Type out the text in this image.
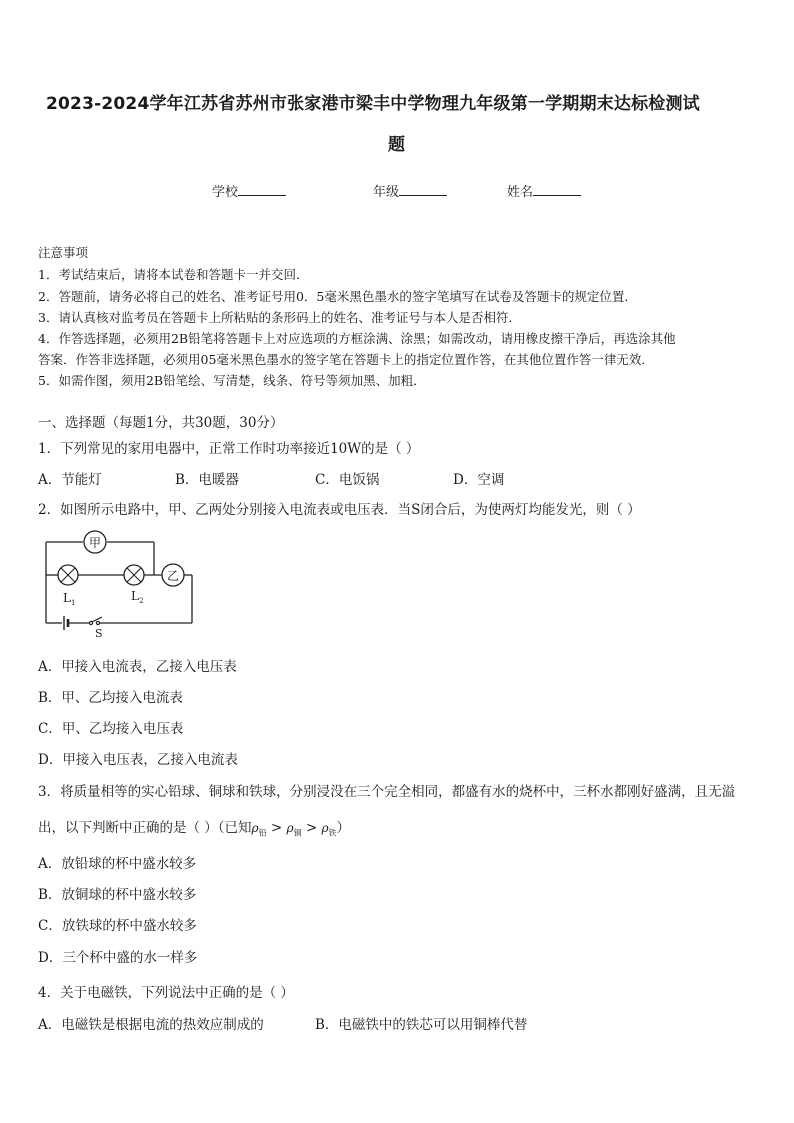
2023-2024学年江苏省苏州市张家港市梁丰中学物理九年级第一学期期末达标检测试
题
学校	年级	姓名
注意事项
1．考试结束后，请将本试卷和答题卡一并交回．
2．答题前，请务必将自己的姓名、准考证号用0．5毫米黑色墨水的签字笔填写在试卷及答题卡的规定位置．
3．请认真核对监考员在答题卡上所粘贴的条形码上的姓名、准考证号与本人是否相符．
4．作答选择题，必须用2B铅笔将答题卡上对应选项的方框涂满、涂黑；如需改动，请用橡皮擦干净后，再选涂其他
答案．作答非选择题，必须用05毫米黑色墨水的签字笔在答题卡上的指定位置作答，在其他位置作答一律无效．
5．如需作图，须用2B铅笔绘、写清楚，线条、符号等须加黑、加粗．
一、选择题（每题1分，共30题，30分）
1．下列常见的家用电器中，正常工作时功率接近10W的是（ ）
A．节能灯	B．电暖器	C．电饭锅	D．空调
2．如图所示电路中，甲、乙两处分别接入电流表或电压表．当S闭合后，为使两灯均能发光，则（ ）
甲
乙
$L_1$	$L_2$
S
A．甲接入电流表，乙接入电压表
B．甲、乙均接入电流表
C．甲、乙均接入电压表
D．甲接入电压表，乙接入电流表
3．将质量相等的实心铅球、铜球和铁球，分别浸没在三个完全相同，都盛有水的烧杯中，三杯水都刚好盛满，且无溢
出，以下判断中正确的是（ ）（已知$\rho_铅 > \rho_铜 > \rho_铁$）
A．放铅球的杯中盛水较多
B．放铜球的杯中盛水较多
C．放铁球的杯中盛水较多
D．三个杯中盛的水一样多
4．关于电磁铁，下列说法中正确的是（ ）
A．电磁铁是根据电流的热效应制成的	B．电磁铁中的铁芯可以用铜棒代替
